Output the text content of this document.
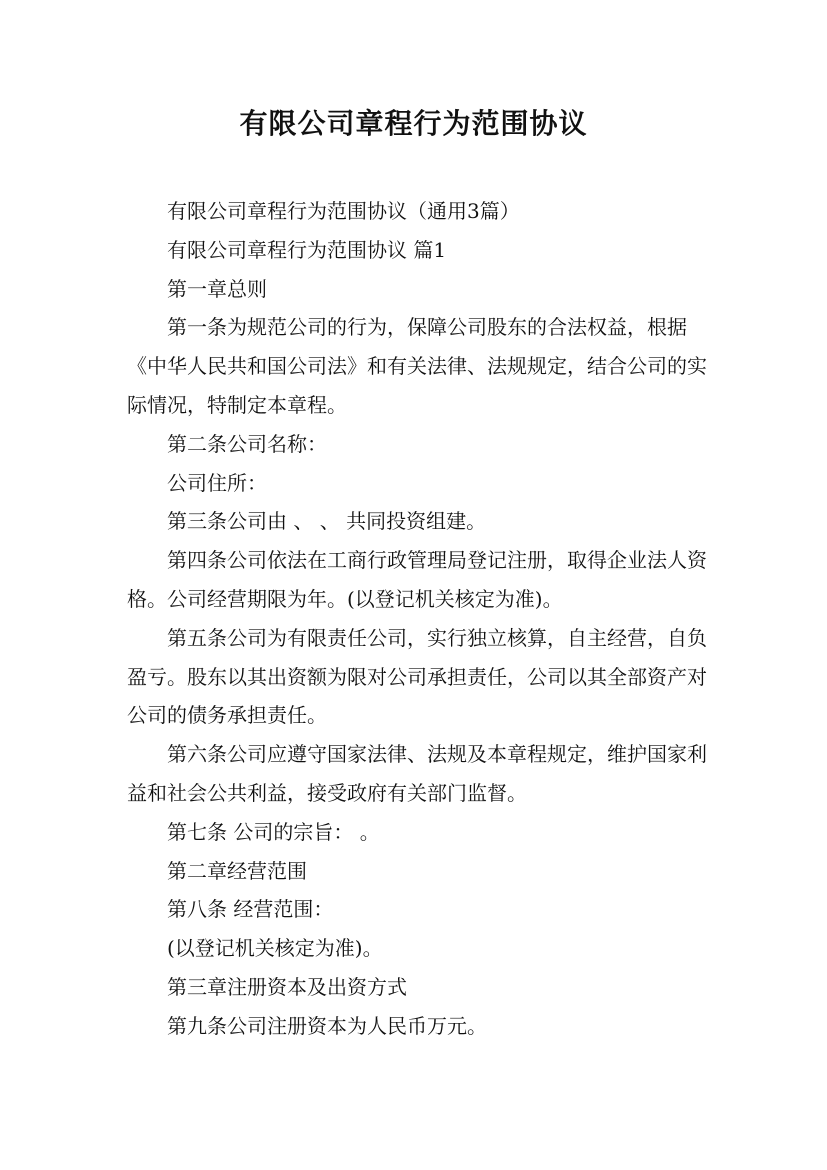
有限公司章程行为范围协议

有限公司章程行为范围协议（通用3篇）

有限公司章程行为范围协议 篇1

第一章总则

第一条为规范公司的行为，保障公司股东的合法权益，根据《中华人民共和国公司法》和有关法律、法规规定，结合公司的实际情况，特制定本章程。

第二条公司名称：

公司住所：

第三条公司由 、 、 共同投资组建。

第四条公司依法在工商行政管理局登记注册，取得企业法人资格。公司经营期限为年。(以登记机关核定为准)。

第五条公司为有限责任公司，实行独立核算，自主经营，自负盈亏。股东以其出资额为限对公司承担责任，公司以其全部资产对公司的债务承担责任。

第六条公司应遵守国家法律、法规及本章程规定，维护国家利益和社会公共利益，接受政府有关部门监督。

第七条 公司的宗旨： 。

第二章经营范围

第八条 经营范围：

(以登记机关核定为准)。

第三章注册资本及出资方式

第九条公司注册资本为人民币万元。
